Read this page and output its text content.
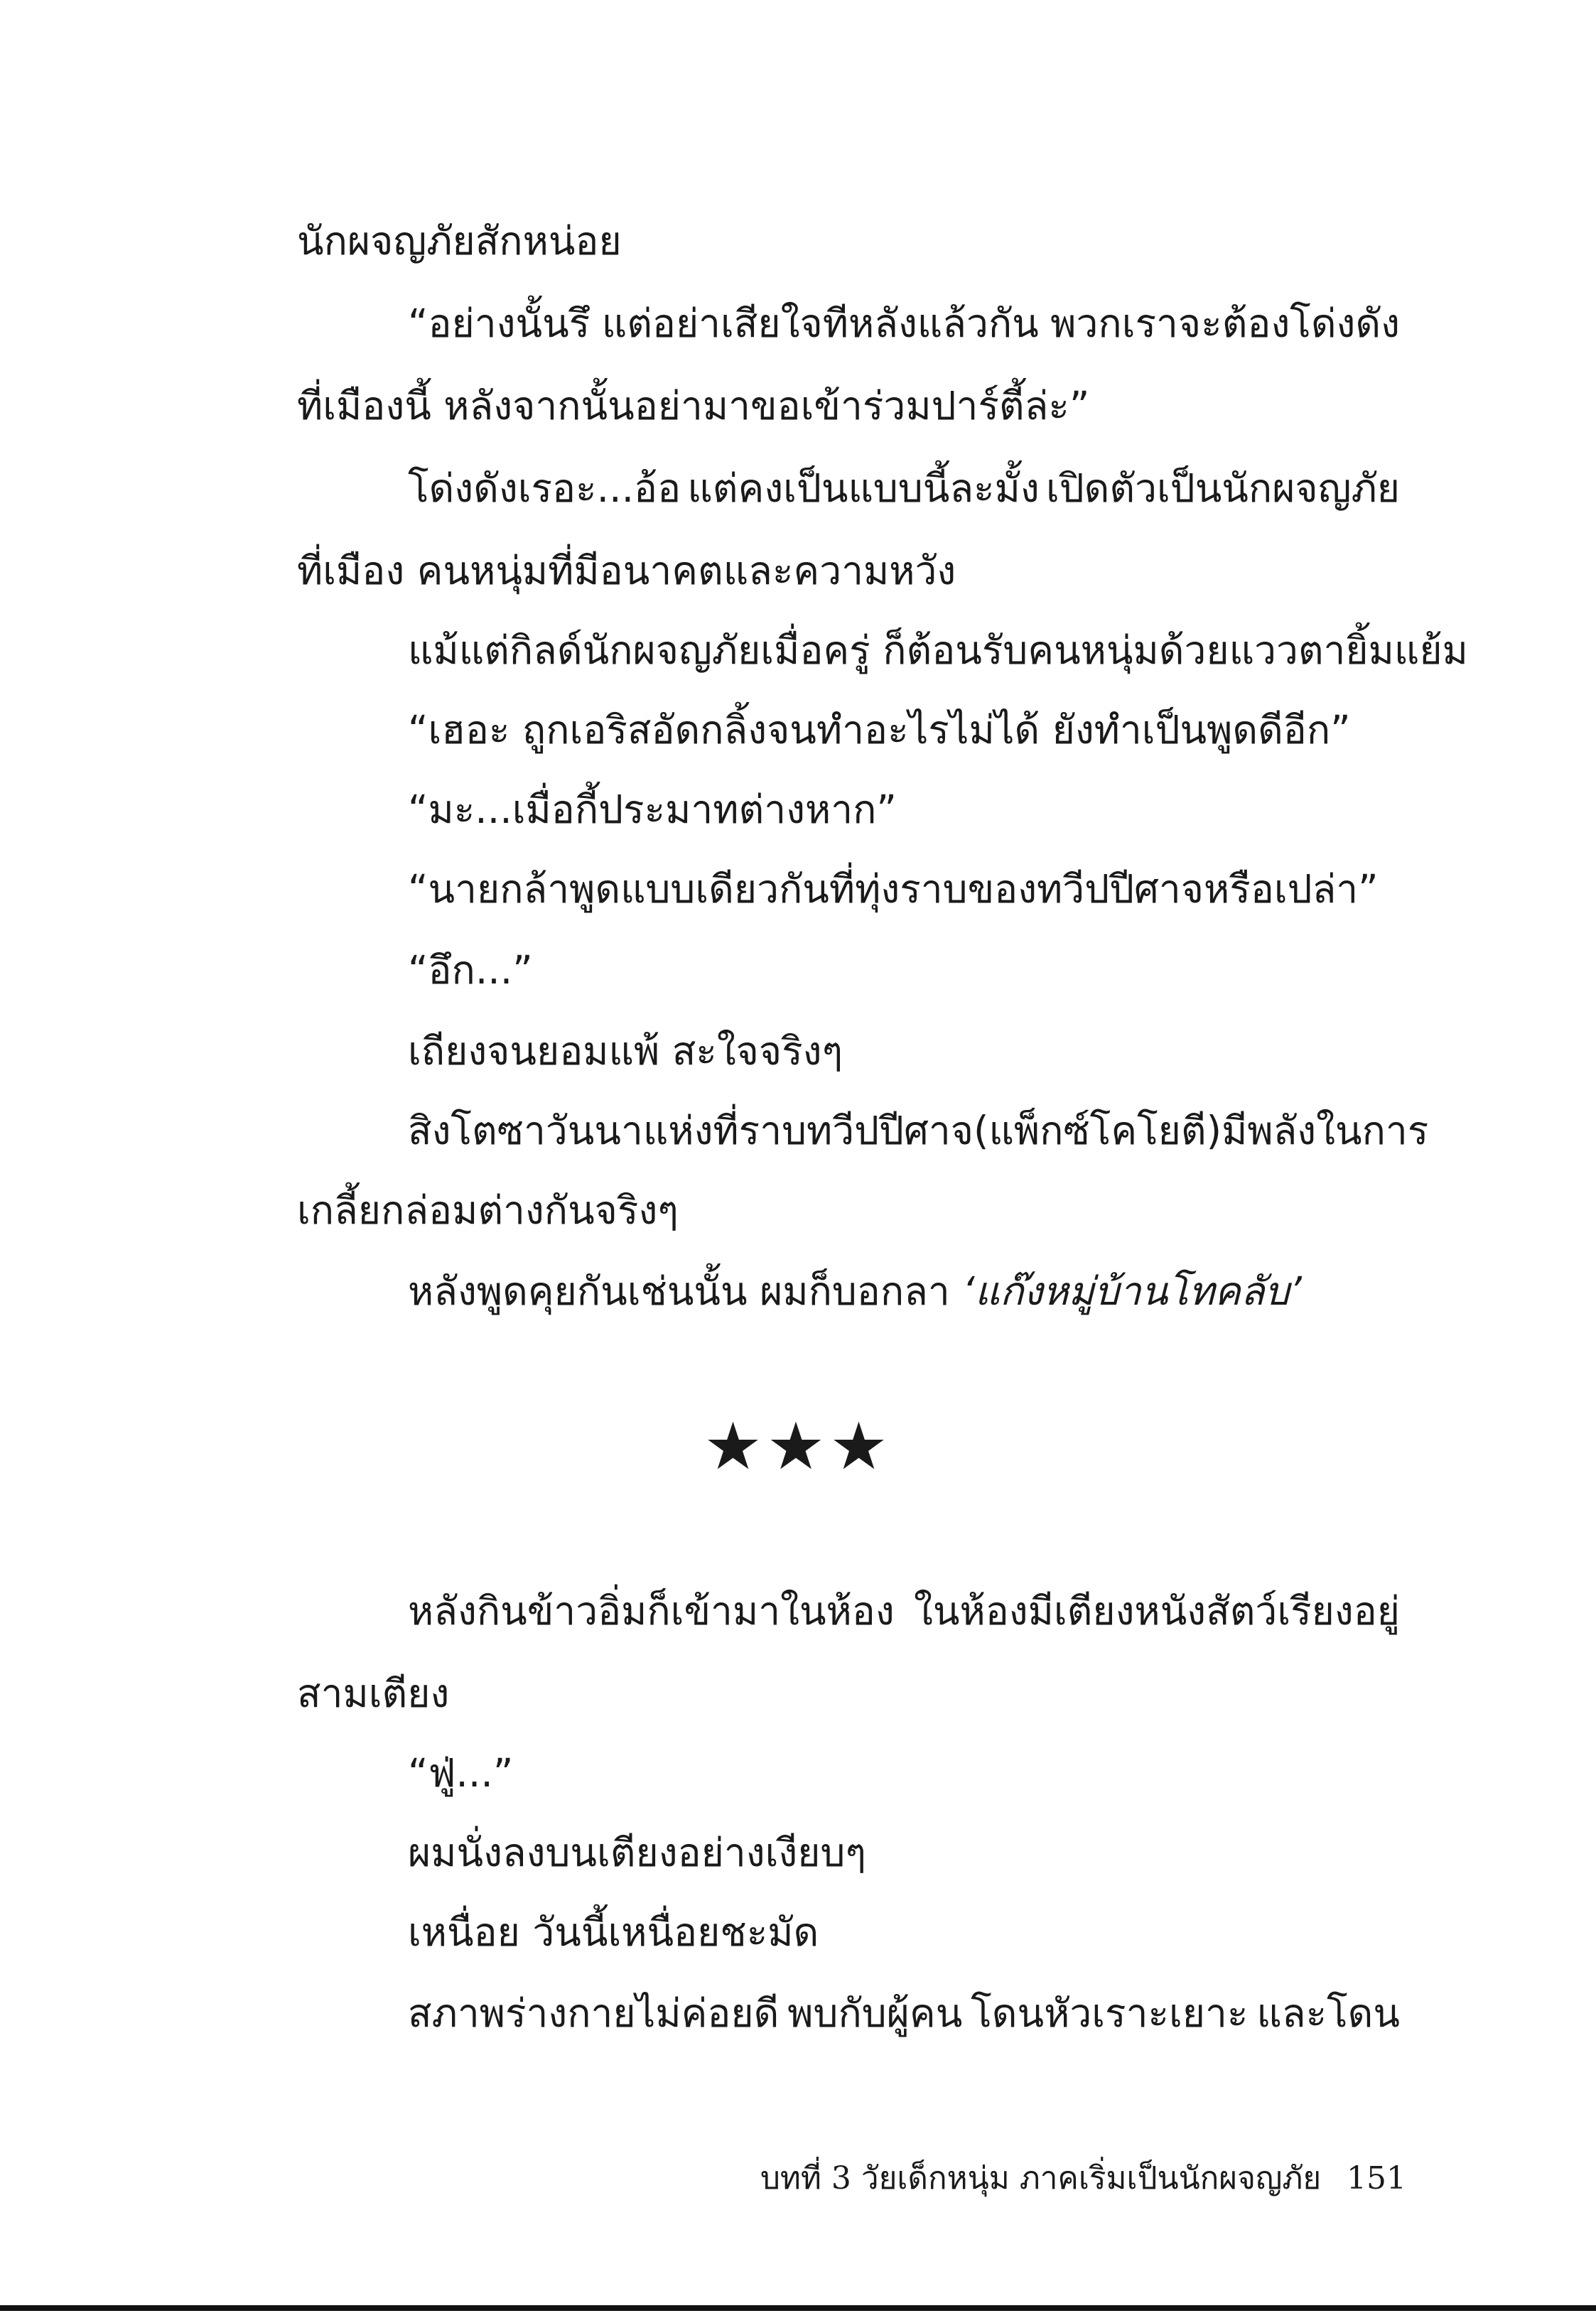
นักผจญภัยสักหน่อย
“อย่างนั้นรึ แต่อย่าเสียใจทีหลังแล้วกัน พวกเราจะต้องโด่งดัง
ที่เมืองนี้ หลังจากนั้นอย่ามาขอเข้าร่วมปาร์ตี้ล่ะ”
โด่งดังเรอะ...อ้อ แต่คงเป็นแบบนี้ละมั้ง เปิดตัวเป็นนักผจญภัย
ที่เมือง คนหนุ่มที่มีอนาคตและความหวัง
แม้แต่กิลด์นักผจญภัยเมื่อครู่ ก็ต้อนรับคนหนุ่มด้วยแววตายิ้มแย้ม
“เฮอะ ถูกเอริสอัดกลิ้งจนทำอะไรไม่ได้ ยังทำเป็นพูดดีอีก”
“มะ...เมื่อกี้ประมาทต่างหาก”
“นายกล้าพูดแบบเดียวกันที่ทุ่งราบของทวีปปีศาจหรือเปล่า”
“อึก...”
เถียงจนยอมแพ้ สะใจจริงๆ
สิงโตซาวันนาแห่งที่ราบทวีปปีศาจ (แพ็กซ์โคโยตี) มีพลังในการ
เกลี้ยกล่อมต่างกันจริงๆ
หลังพูดคุยกันเช่นนั้น ผมก็บอกลา ‘แก๊งหมู่บ้านโทคลับ’
★★★
หลังกินข้าวอิ่มก็เข้ามาในห้อง ในห้องมีเตียงหนังสัตว์เรียงอยู่
สามเตียง
“ฟู่...”
ผมนั่งลงบนเตียงอย่างเงียบๆ
เหนื่อย วันนี้เหนื่อยชะมัด
สภาพร่างกายไม่ค่อยดี พบกับผู้คน โดนหัวเราะเยาะ และโดน
บทที่ 3 วัยเด็กหนุ่ม ภาคเริ่มเป็นนักผจญภัย 151
